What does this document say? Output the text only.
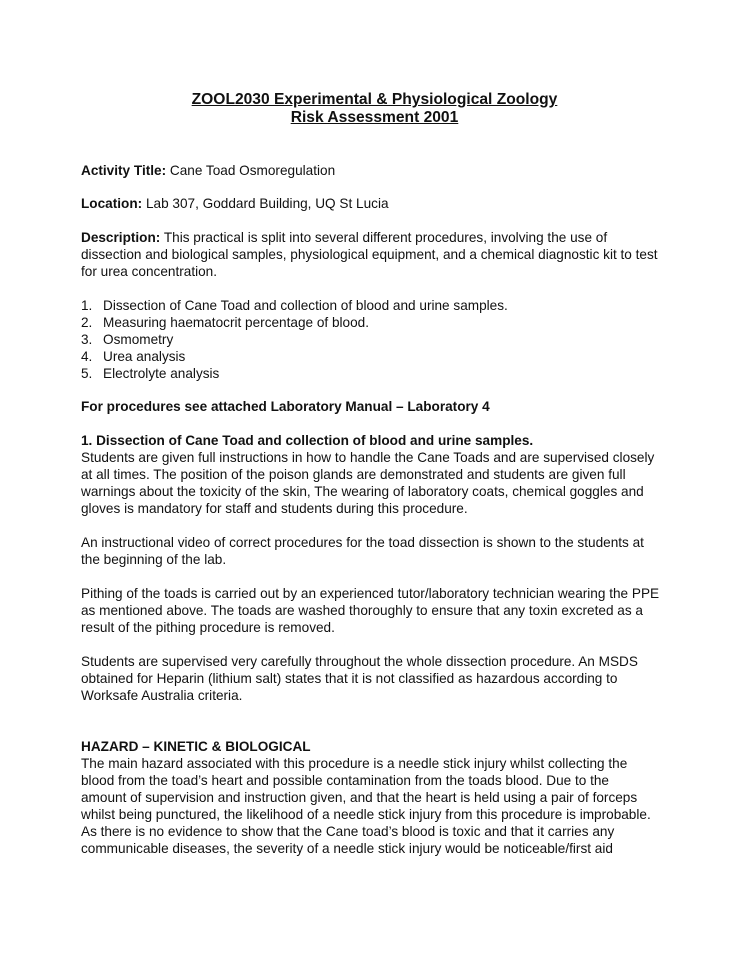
ZOOL2030 Experimental & Physiological Zoology
Risk Assessment 2001
Activity Title: Cane Toad Osmoregulation
Location: Lab 307, Goddard Building, UQ St Lucia
Description: This practical is split into several different procedures, involving the use of
dissection and biological samples, physiological equipment, and a chemical diagnostic kit to test
for urea concentration.
1. Dissection of Cane Toad and collection of blood and urine samples.
2. Measuring haematocrit percentage of blood.
3. Osmometry
4. Urea analysis
5. Electrolyte analysis
For procedures see attached Laboratory Manual – Laboratory 4
1. Dissection of Cane Toad and collection of blood and urine samples.
Students are given full instructions in how to handle the Cane Toads and are supervised closely
at all times. The position of the poison glands are demonstrated and students are given full
warnings about the toxicity of the skin, The wearing of laboratory coats, chemical goggles and
gloves is mandatory for staff and students during this procedure.
An instructional video of correct procedures for the toad dissection is shown to the students at
the beginning of the lab.
Pithing of the toads is carried out by an experienced tutor/laboratory technician wearing the PPE
as mentioned above. The toads are washed thoroughly to ensure that any toxin excreted as a
result of the pithing procedure is removed.
Students are supervised very carefully throughout the whole dissection procedure. An MSDS
obtained for Heparin (lithium salt) states that it is not classified as hazardous according to
Worksafe Australia criteria.
HAZARD – KINETIC & BIOLOGICAL
The main hazard associated with this procedure is a needle stick injury whilst collecting the
blood from the toad’s heart and possible contamination from the toads blood. Due to the
amount of supervision and instruction given, and that the heart is held using a pair of forceps
whilst being punctured, the likelihood of a needle stick injury from this procedure is improbable.
As there is no evidence to show that the Cane toad’s blood is toxic and that it carries any
communicable diseases, the severity of a needle stick injury would be noticeable/first aid
